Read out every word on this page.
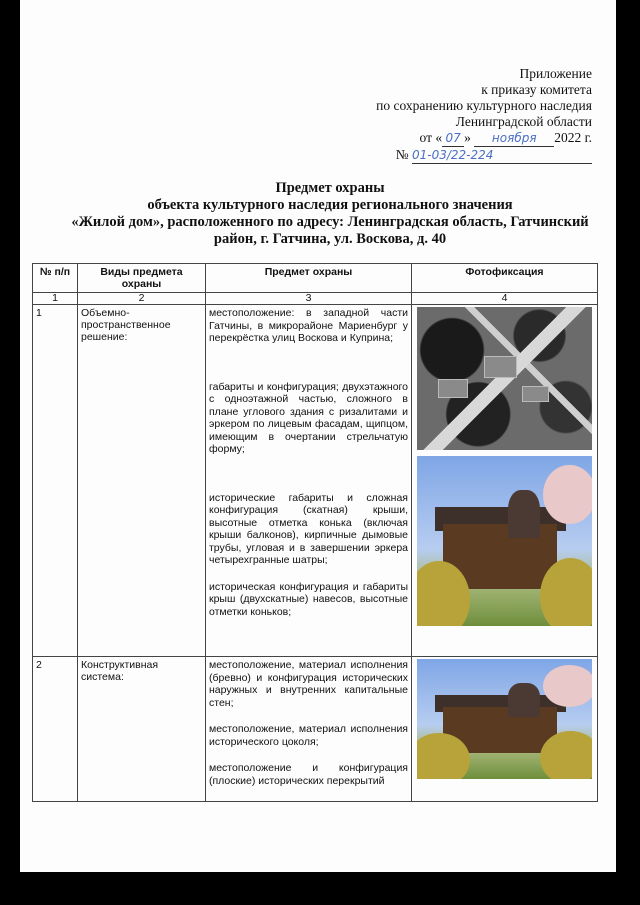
Приложение
к приказу комитета
по сохранению культурного наследия
Ленинградской области
от « 07 » ноября 2022 г.
№ 01-03/22-224
Предмет охраны
объекта культурного наследия регионального значения
«Жилой дом», расположенного по адресу: Ленинградская область, Гатчинский
район, г. Гатчина, ул. Воскова, д. 40
№ п/п	Виды предмета охраны	Предмет охраны	Фотофиксация
1	2	3	4
1	Объемно-пространственное решение:	местоположение: в западной части Гатчины, в микрорайоне Мариенбург у перекрёстка улиц Воскова и Куприна;
габариты и конфигурация; двухэтажного с одноэтажной частью, сложного в плане углового здания с ризалитами и эркером по лицевым фасадам, щипцом, имеющим в очертании стрельчатую форму;
исторические габариты и сложная конфигурация (скатная) крыши, высотные отметка конька (включая крыши балконов), кирпичные дымовые трубы, угловая и в завершении эркера четырехгранные шатры;
историческая конфигурация и габариты крыш (двухскатные) навесов, высотные отметки коньков;	

2	Конструктивная система:	местоположение, материал исполнения (бревно) и конфигурация исторических наружных и внутренних капитальные стен;
местоположение, материал исполнения исторического цоколя;
местоположение и конфигурация (плоские) исторических перекрытий	
